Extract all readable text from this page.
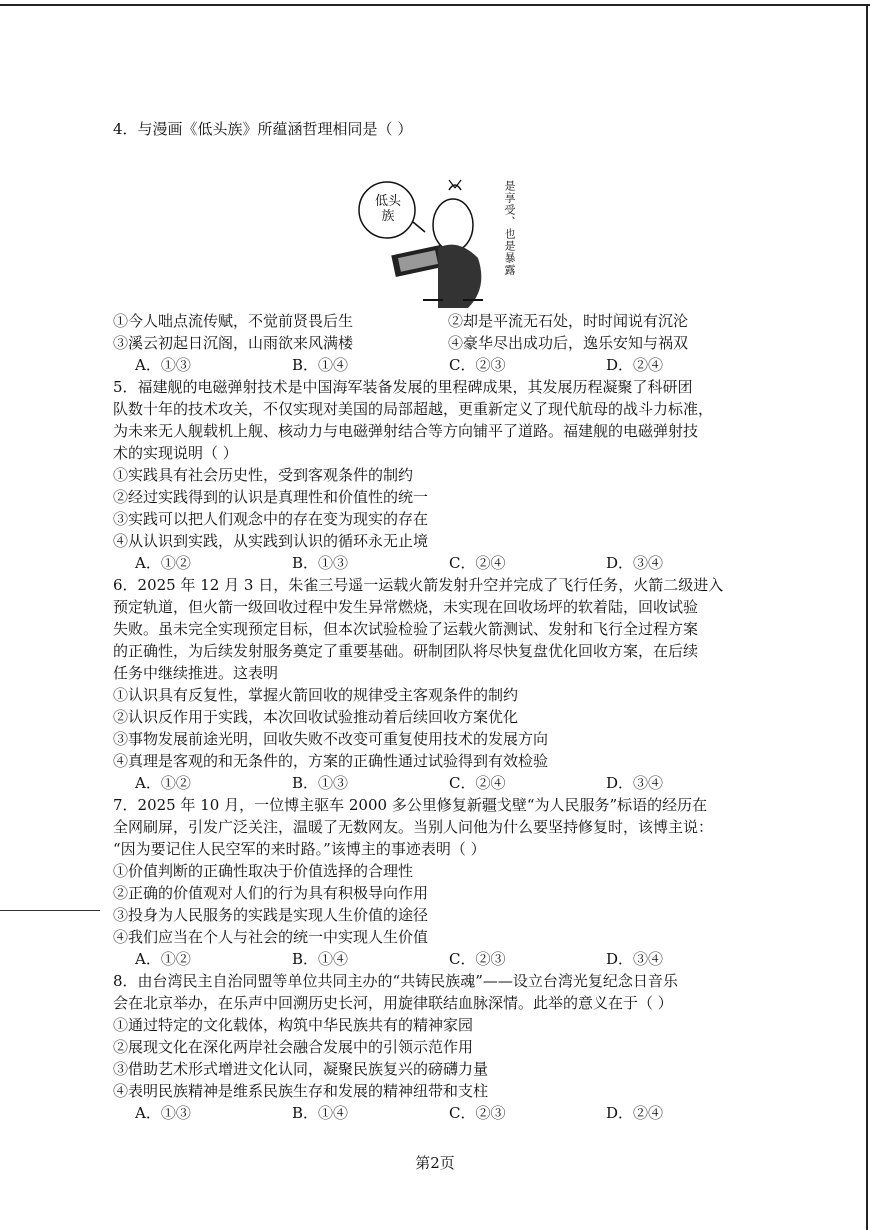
4．与漫画《低头族》所蕴涵哲理相同是（ ）
是享受、也是暴露
低头族
①今人咄点流传赋，不觉前贤畏后生	②却是平流无石处，时时闻说有沉沦
③溪云初起日沉阁，山雨欲来风满楼	④豪华尽出成功后，逸乐安知与祸双
A．①③	B．①④	C．②③	D．②④
5．福建舰的电磁弹射技术是中国海军装备发展的里程碑成果，其发展历程凝聚了科研团
队数十年的技术攻关，不仅实现对美国的局部超越，更重新定义了现代航母的战斗力标准，
为未来无人舰载机上舰、核动力与电磁弹射结合等方向铺平了道路。福建舰的电磁弹射技
术的实现说明（ ）
①实践具有社会历史性，受到客观条件的制约
②经过实践得到的认识是真理性和价值性的统一
③实践可以把人们观念中的存在变为现实的存在
④从认识到实践，从实践到认识的循环永无止境
A．①②	B．①③	C．②④	D．③④
6．2025 年 12 月 3 日，朱雀三号遥一运载火箭发射升空并完成了飞行任务，火箭二级进入
预定轨道，但火箭一级回收过程中发生异常燃烧，未实现在回收场坪的软着陆，回收试验
失败。虽未完全实现预定目标，但本次试验检验了运载火箭测试、发射和飞行全过程方案
的正确性，为后续发射服务奠定了重要基础。研制团队将尽快复盘优化回收方案，在后续
任务中继续推进。这表明
①认识具有反复性，掌握火箭回收的规律受主客观条件的制约
②认识反作用于实践，本次回收试验推动着后续回收方案优化
③事物发展前途光明，回收失败不改变可重复使用技术的发展方向
④真理是客观的和无条件的，方案的正确性通过试验得到有效检验
A．①②	B．①③	C．②④	D．③④
7．2025 年 10 月，一位博主驱车 2000 多公里修复新疆戈壁“为人民服务”标语的经历在
全网刷屏，引发广泛关注，温暖了无数网友。当别人问他为什么要坚持修复时，该博主说：
“因为要记住人民空军的来时路。”该博主的事迹表明（ ）
①价值判断的正确性取决于价值选择的合理性
②正确的价值观对人们的行为具有积极导向作用
③投身为人民服务的实践是实现人生价值的途径
④我们应当在个人与社会的统一中实现人生价值
A．①②	B．①④	C．②③	D．③④
8．由台湾民主自治同盟等单位共同主办的“共铸民族魂”——设立台湾光复纪念日音乐
会在北京举办，在乐声中回溯历史长河，用旋律联结血脉深情。此举的意义在于（ ）
①通过特定的文化载体，构筑中华民族共有的精神家园
②展现文化在深化两岸社会融合发展中的引领示范作用
③借助艺术形式增进文化认同，凝聚民族复兴的磅礴力量
④表明民族精神是维系民族生存和发展的精神纽带和支柱
A．①③	B．①④	C．②③	D．②④
第2页
